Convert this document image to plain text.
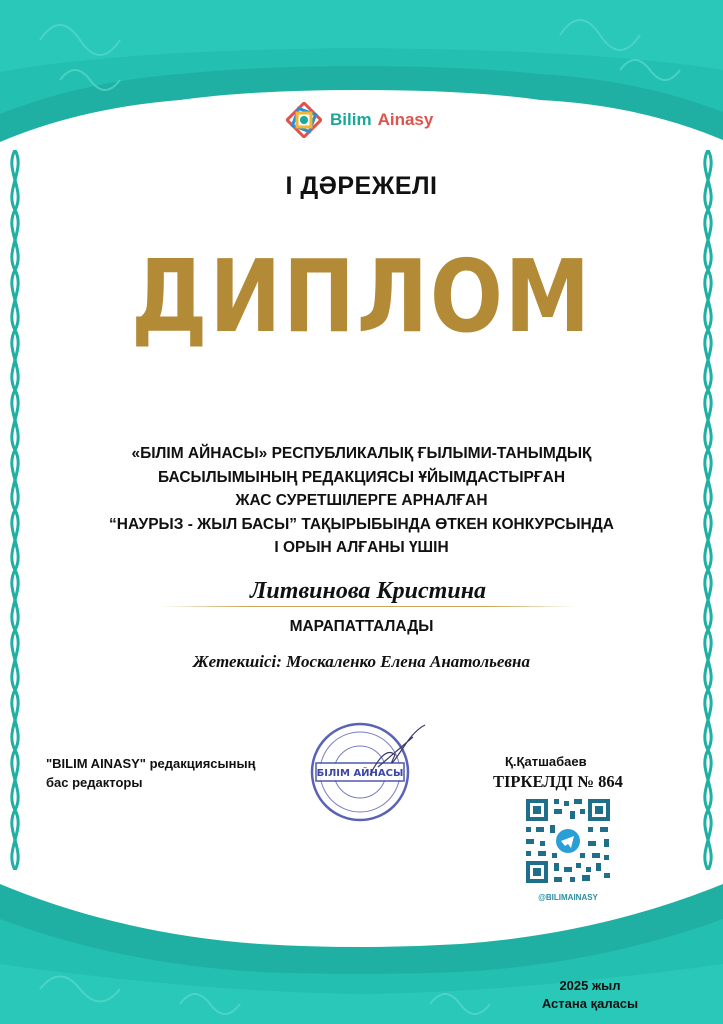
Bilim Ainasy
І ДӘРЕЖЕЛІ
ДИПЛОМ
«БІЛІМ АЙНАСЫ» РЕСПУБЛИКАЛЫҚ ҒЫЛЫМИ-ТАНЫМДЫҚ
БАСЫЛЫМЫНЫҢ РЕДАКЦИЯСЫ ҰЙЫМДАСТЫРҒАН
ЖАС СУРЕТШІЛЕРГЕ АРНАЛҒАН
“НАУРЫЗ - ЖЫЛ БАСЫ” ТАҚЫРЫБЫНДА ӨТКЕН КОНКУРСЫНДА
І ОРЫН АЛҒАНЫ ҮШІН
Литвинова Кристина
МАРАПАТТАЛАДЫ
Жетекшісі: Москаленко Елена Анатольевна
"BILIM AINASY" редакциясының
бас редакторы
БІЛІМ АЙНАСЫ
Қ.Қатшабаев
ТІРКЕЛДІ № 864
@BILIMAINASY
2025 жыл
Астана қаласы
